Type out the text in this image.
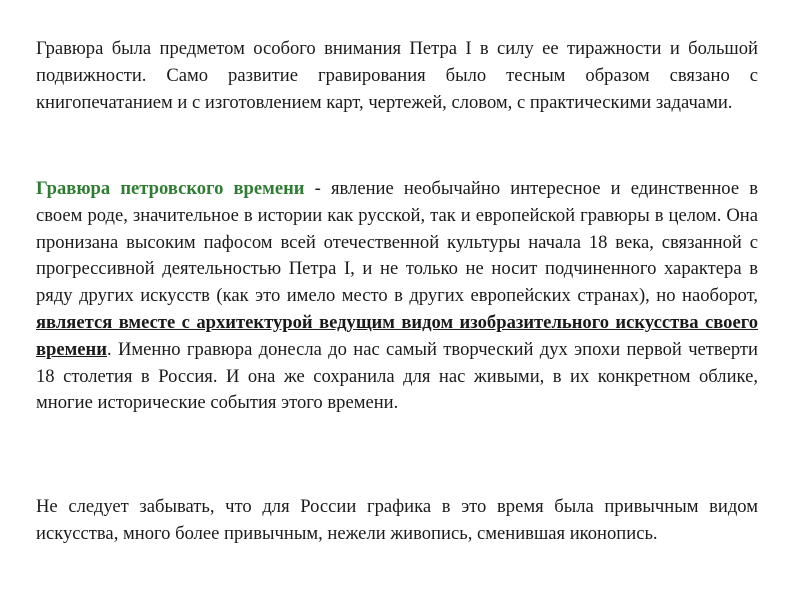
Гравюра была предметом особого внимания Петра I в силу ее тиражности и большой подвижности. Само развитие гравирования было тесным образом связано с книгопечатанием и с изготовлением карт, чертежей, словом, с практическими задачами.

Гравюра петровского времени - явление необычайно интересное и единственное в своем роде, значительное в истории как русской, так и европейской гравюры в целом. Она пронизана высоким пафосом всей отечественной культуры начала 18 века, связанной с прогрессивной деятельностью Петра I, и не только не носит подчиненного характера в ряду других искусств (как это имело место в других европейских странах), но наоборот, является вместе с архитектурой ведущим видом изобразительного искусства своего времени. Именно гравюра донесла до нас самый творческий дух эпохи первой четверти 18 столетия в Россия. И она же сохранила для нас живыми, в их конкретном облике, многие исторические события этого времени.

Не следует забывать, что для России графика в это время была привычным видом искусства, много более привычным, нежели живопись, сменившая иконопись.
